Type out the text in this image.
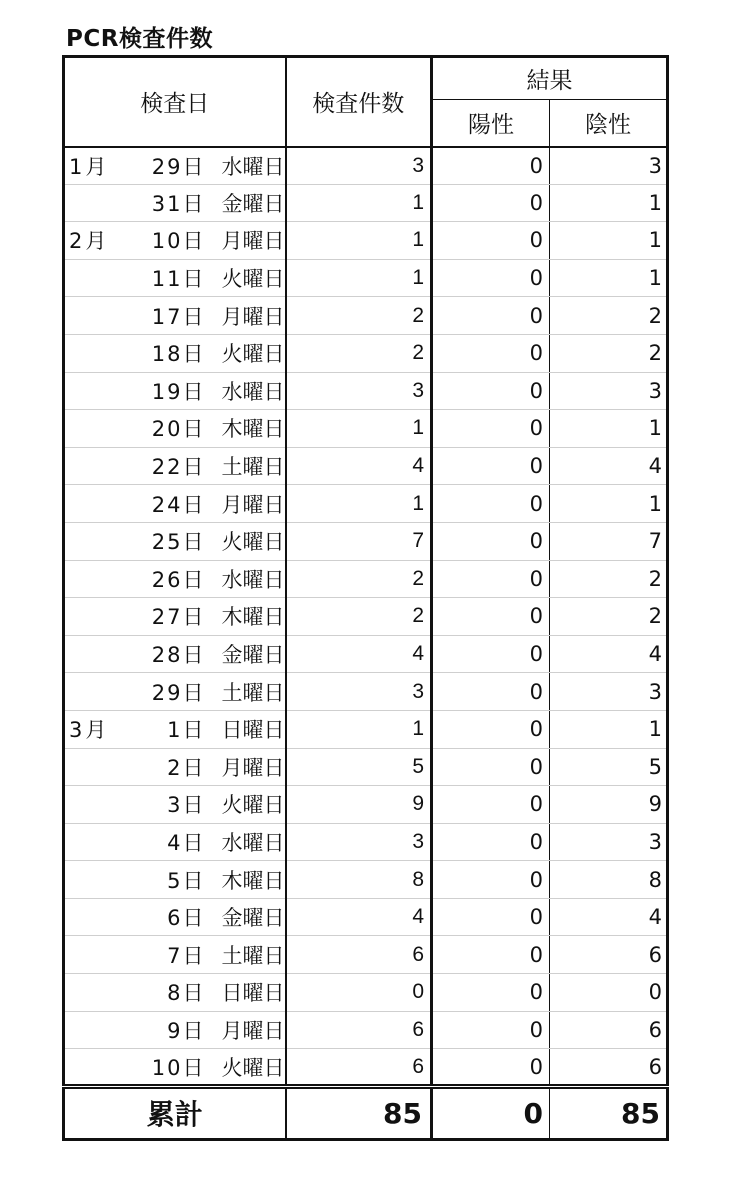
PCR検査件数
検査日			検査件数	結果	
				陽性	陰性
1月	29日	水曜日	3	0	3
	31日	金曜日	1	0	1
2月	10日	月曜日	1	0	1
	11日	火曜日	1	0	1
	17日	月曜日	2	0	2
	18日	火曜日	2	0	2
	19日	水曜日	3	0	3
	20日	木曜日	1	0	1
	22日	土曜日	4	0	4
	24日	月曜日	1	0	1
	25日	火曜日	7	0	7
	26日	水曜日	2	0	2
	27日	木曜日	2	0	2
	28日	金曜日	4	0	4
	29日	土曜日	3	0	3
3月	1日	日曜日	1	0	1
	2日	月曜日	5	0	5
	3日	火曜日	9	0	9
	4日	水曜日	3	0	3
	5日	木曜日	8	0	8
	6日	金曜日	4	0	4
	7日	土曜日	6	0	6
	8日	日曜日	0	0	0
	9日	月曜日	6	0	6
	10日	火曜日	6	0	6
累計			85	0	85
